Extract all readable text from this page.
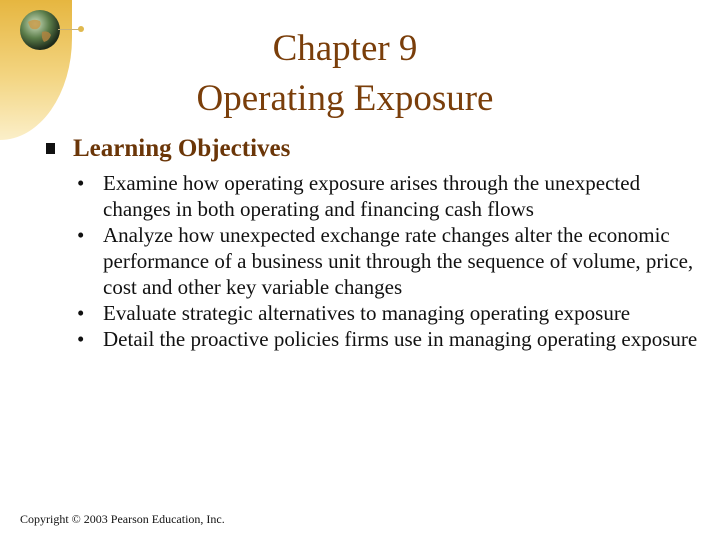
Chapter 9
Operating Exposure
Learning Objectives
• Examine how operating exposure arises through the unexpected changes in both operating and financing cash flows
• Analyze how unexpected exchange rate changes alter the economic performance of a business unit through the sequence of volume, price, cost and other key variable changes
• Evaluate strategic alternatives to managing operating exposure
• Detail the proactive policies firms use in managing operating exposure
Copyright © 2003 Pearson Education, Inc.
